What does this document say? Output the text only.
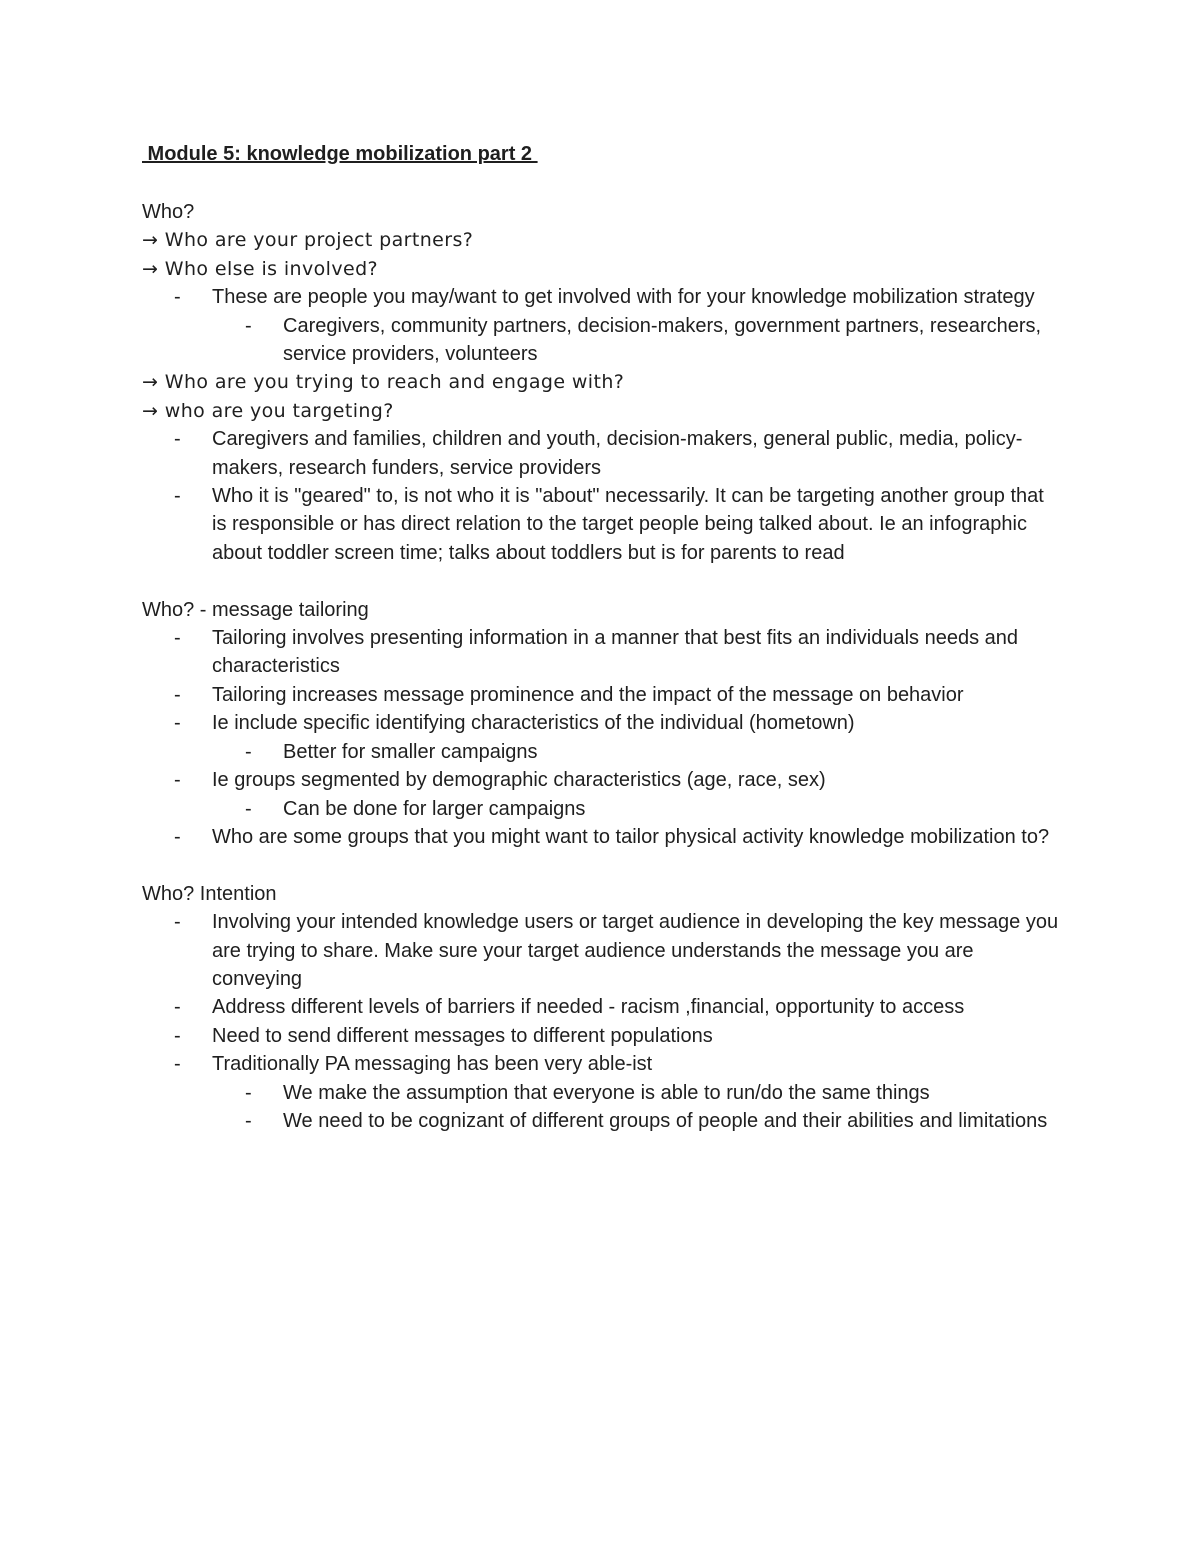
Module 5: knowledge mobilization part 2

Who?

→ Who are your project partners?

→ Who else is involved?

-	These are people you may/want to get involved with for your knowledge mobilization strategy
-	Caregivers, community partners, decision-makers, government partners, researchers, service providers, volunteers

→ Who are you trying to reach and engage with?

→ who are you targeting?

-	Caregivers and families, children and youth, decision-makers, general public, media, policy-makers, research funders, service providers
-	Who it is "geared" to, is not who it is "about" necessarily. It can be targeting another group that is responsible or has direct relation to the target people being talked about. Ie an infographic about toddler screen time; talks about toddlers but is for parents to read

Who? - message tailoring

-	Tailoring involves presenting information in a manner that best fits an individuals needs and characteristics
-	Tailoring increases message prominence and the impact of the message on behavior
-	Ie include specific identifying characteristics of the individual (hometown)
-	Better for smaller campaigns
-	Ie groups segmented by demographic characteristics (age, race, sex)
-	Can be done for larger campaigns
-	Who are some groups that you might want to tailor physical activity knowledge mobilization to?

Who? Intention

-	Involving your intended knowledge users or target audience in developing the key message you are trying to share. Make sure your target audience understands the message you are conveying
-	Address different levels of barriers if needed - racism ,financial, opportunity to access
-	Need to send different messages to different populations
-	Traditionally PA messaging has been very able-ist
-	We make the assumption that everyone is able to run/do the same things
-	We need to be cognizant of different groups of people and their abilities and limitations
